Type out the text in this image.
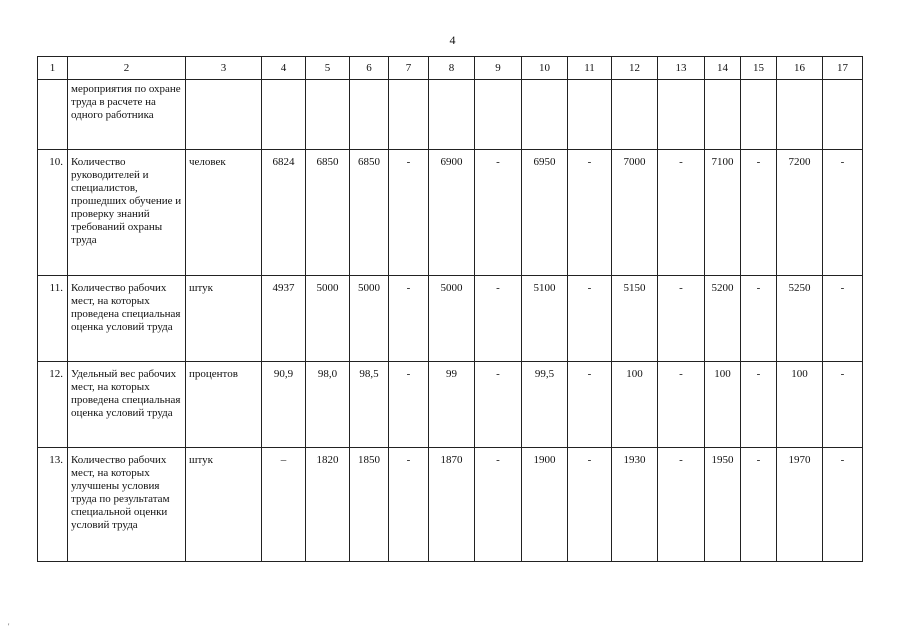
4
1	2	3	4	5	6	7	8	9	10	11	12	13	14	15	16	17
	мероприятия по охране труда в расчете на одного работника															
10.	Количество руководителей и специалистов, прошедших обучение и проверку знаний требований охраны труда	человек	6824	6850	6850	-	6900	-	6950	-	7000	-	7100	-	7200	-
11.	Количество рабочих мест, на которых проведена специальная оценка условий труда	штук	4937	5000	5000	-	5000	-	5100	-	5150	-	5200	-	5250	-
12.	Удельный вес рабочих мест, на которых проведена специальная оценка условий труда	процентов	90,9	98,0	98,5	-	99	-	99,5	-	100	-	100	-	100	-
13.	Количество рабочих мест, на которых улучшены условия труда по результатам специальной оценки условий труда	штук	–	1820	1850	-	1870	-	1900	-	1930	-	1950	-	1970	-
'
